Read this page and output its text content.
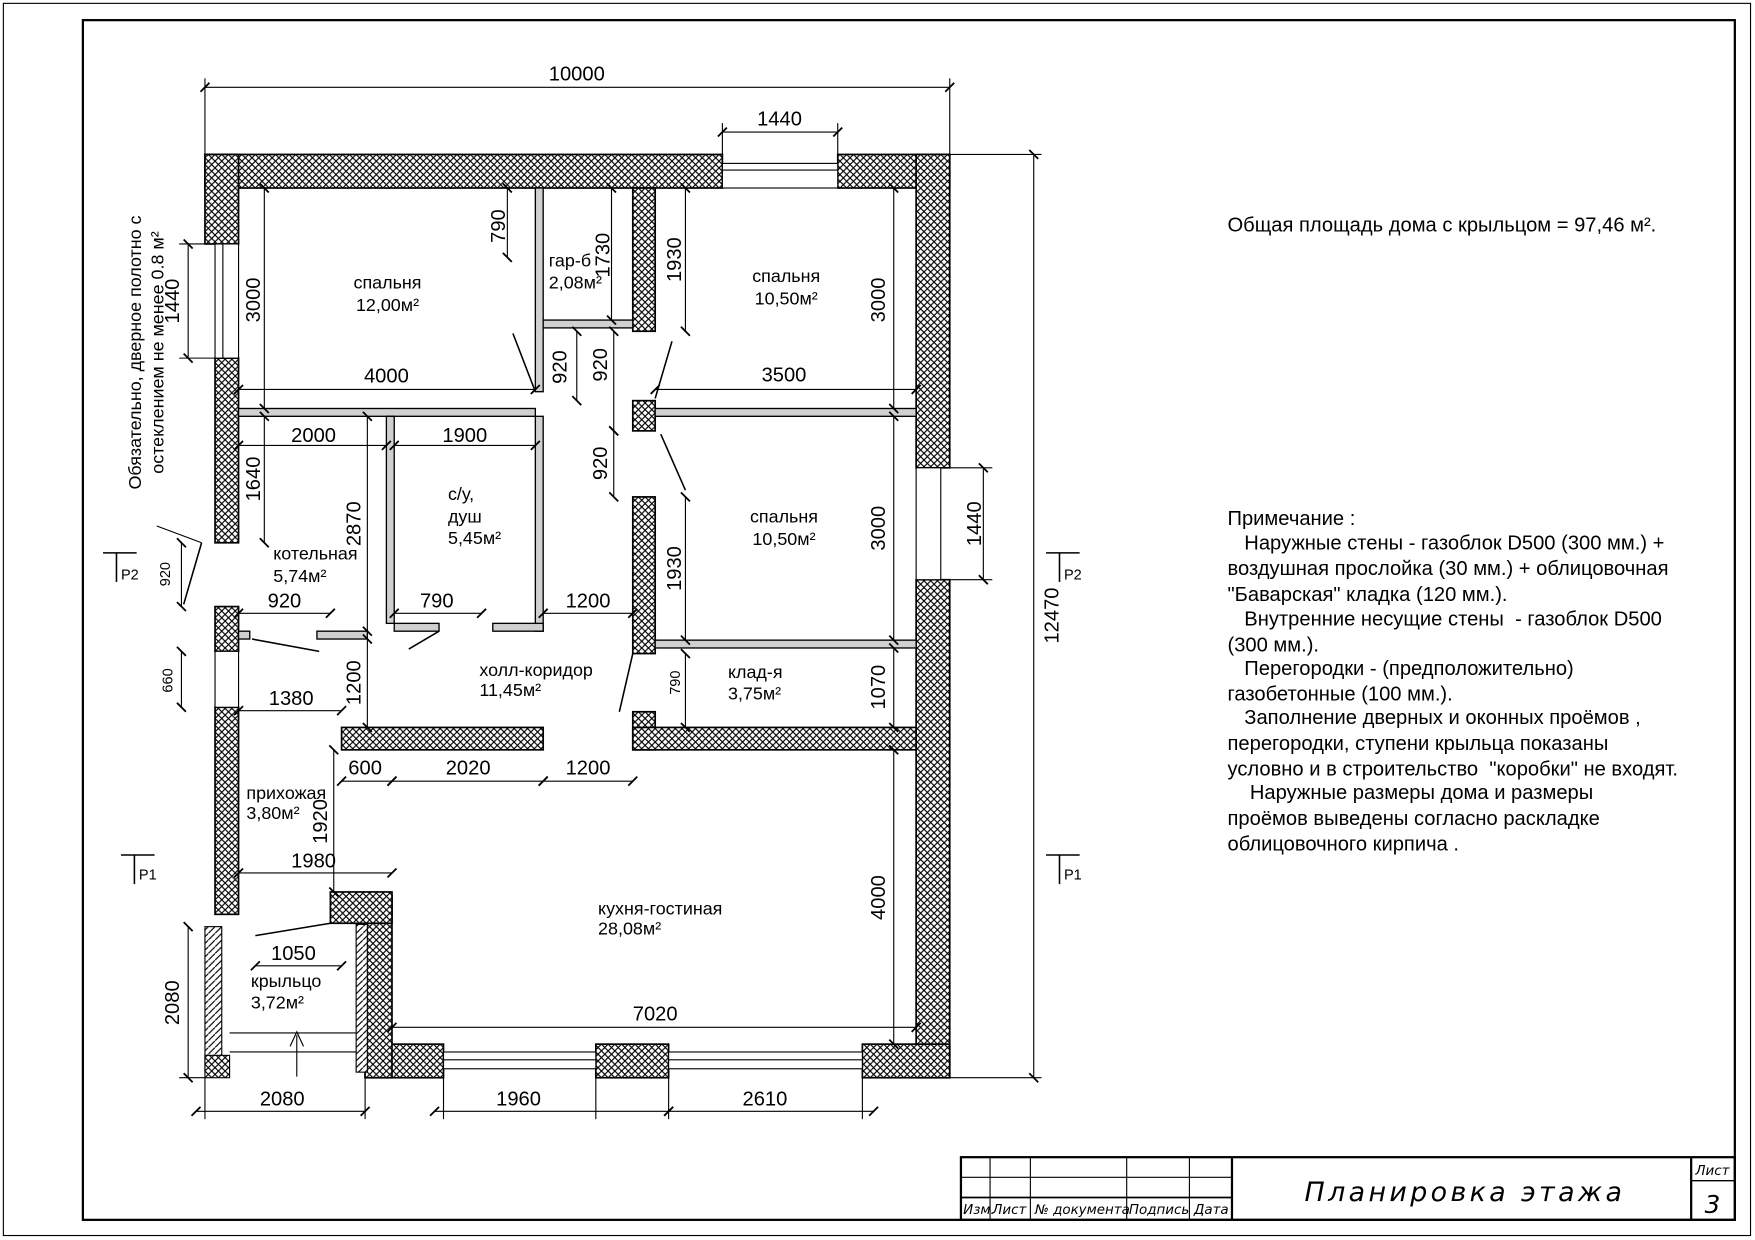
10000
1440
12470
4000
3000
790
1730
920 920
920
1930
3000
3500
2000	1900
1640
2870
1930
3000	1440
1440
920
920	790	1200
790	1070
660
1380 1200
600	2020	1200
1920
1980
4000
1050
2080	7020
2080	1960	2610
спальня
12,00м²
гар-б
2,08м²	спальня
10,50м²
спальня
10,50м²
с/у,
душ
5,45м²
котельная
5,74м²
холл-коридор
11,45м²
клад-я
3,75м²
прихожая
3,80м²
кухня-гостиная
28,08м²
крыльцо
3,72м²
Обязательно, дверное полотно с остеклением не менее 0.8 м²
P2	P2
P1	P1
Общая площадь дома с крыльцом = 97,46 м².
Примечание :
Наружные стены - газоблок D500 (300 мм.) +
воздушная прослойка (30 мм.) + облицовочная
"Баварская" кладка (120 мм.).
Внутренние несущие стены  - газоблок D500
(300 мм.).
Перегородки - (предположительно)
газобетонные (100 мм.).
Заполнение дверных и оконных проёмов ,
перегородки, ступени крыльца показаны
условно и в строительство  "коробки" не входят.
Наружные размеры дома и размеры
проёмов выведены согласно раскладке
облицовочного кирпича .
Изм.
Лист № документа Подпись Дата
Планировка этажа
Лист
3
